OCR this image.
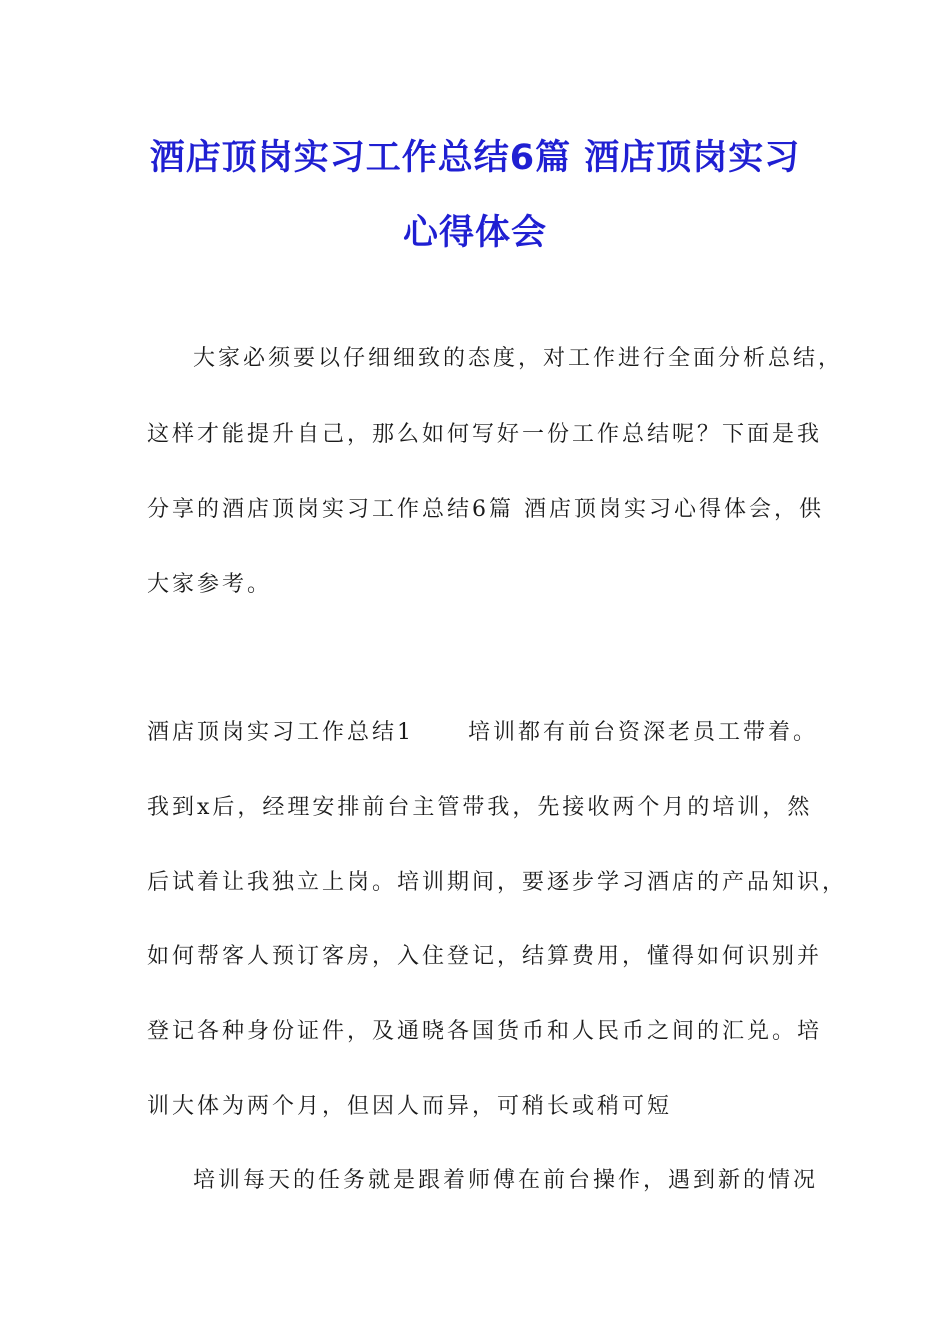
酒店顶岗实习工作总结6篇 酒店顶岗实习
心得体会

大家必须要以仔细细致的态度，对工作进行全面分析总结，

这样才能提升自己，那么如何写好一份工作总结呢？下面是我

分享的酒店顶岗实习工作总结6篇 酒店顶岗实习心得体会，供

大家参考。

酒店顶岗实习工作总结1 培训都有前台资深老员工带着。

我到x后，经理安排前台主管带我，先接收两个月的培训，然

后试着让我独立上岗。培训期间，要逐步学习酒店的产品知识，

如何帮客人预订客房，入住登记，结算费用，懂得如何识别并

登记各种身份证件，及通晓各国货币和人民币之间的汇兑。培

训大体为两个月，但因人而异，可稍长或稍可短

培训每天的任务就是跟着师傅在前台操作，遇到新的情况
